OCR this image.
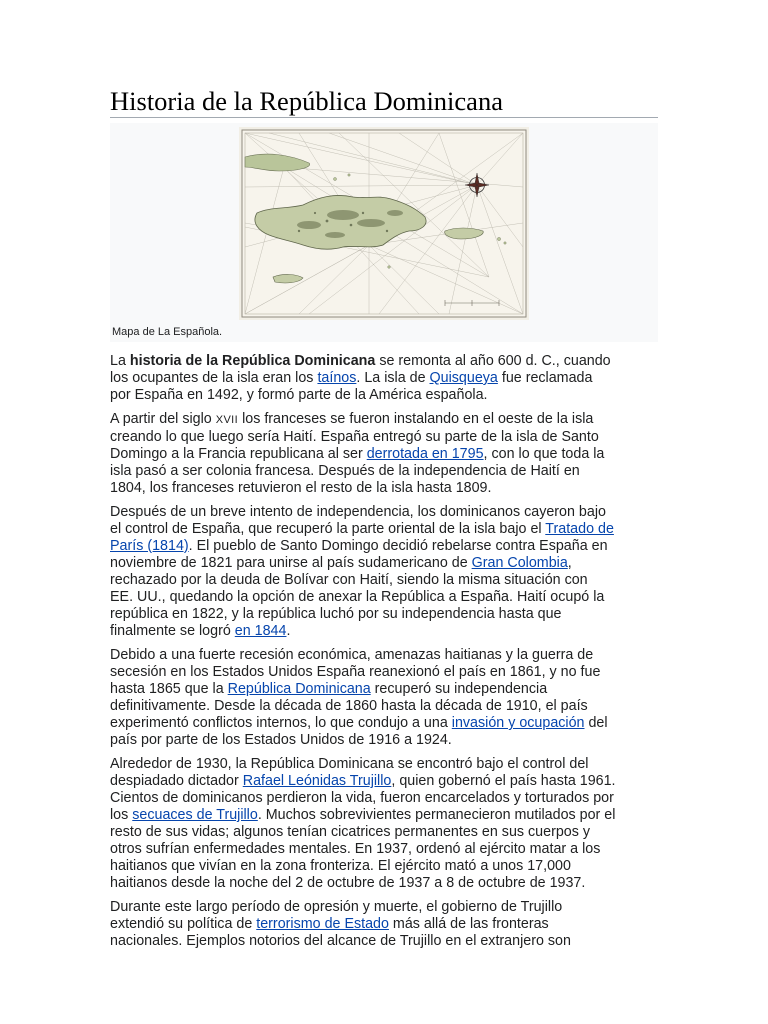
Historia de la República Dominicana
Mapa de La Española.

La historia de la República Dominicana se remonta al año 600 d. C., cuando
los ocupantes de la isla eran los taínos. La isla de Quisqueya fue reclamada
por España en 1492, y formó parte de la América española.

A partir del siglo XVII los franceses se fueron instalando en el oeste de la isla
creando lo que luego sería Haití. España entregó su parte de la isla de Santo
Domingo a la Francia republicana al ser derrotada en 1795, con lo que toda la
isla pasó a ser colonia francesa. Después de la independencia de Haití en
1804, los franceses retuvieron el resto de la isla hasta 1809.

Después de un breve intento de independencia, los dominicanos cayeron bajo
el control de España, que recuperó la parte oriental de la isla bajo el Tratado de
París (1814). El pueblo de Santo Domingo decidió rebelarse contra España en
noviembre de 1821 para unirse al país sudamericano de Gran Colombia,
rechazado por la deuda de Bolívar con Haití, siendo la misma situación con
EE. UU., quedando la opción de anexar la República a España. Haití ocupó la
república en 1822, y la república luchó por su independencia hasta que
finalmente se logró en 1844.

Debido a una fuerte recesión económica, amenazas haitianas y la guerra de
secesión en los Estados Unidos España reanexionó el país en 1861, y no fue
hasta 1865 que la República Dominicana recuperó su independencia
definitivamente. Desde la década de 1860 hasta la década de 1910, el país
experimentó conflictos internos, lo que condujo a una invasión y ocupación del
país por parte de los Estados Unidos de 1916 a 1924.

Alrededor de 1930, la República Dominicana se encontró bajo el control del
despiadado dictador Rafael Leónidas Trujillo, quien gobernó el país hasta 1961.
Cientos de dominicanos perdieron la vida, fueron encarcelados y torturados por
los secuaces de Trujillo. Muchos sobrevivientes permanecieron mutilados por el
resto de sus vidas; algunos tenían cicatrices permanentes en sus cuerpos y
otros sufrían enfermedades mentales. En 1937, ordenó al ejército matar a los
haitianos que vivían en la zona fronteriza. El ejército mató a unos 17,000
haitianos desde la noche del 2 de octubre de 1937 a 8 de octubre de 1937.

Durante este largo período de opresión y muerte, el gobierno de Trujillo
extendió su política de terrorismo de Estado más allá de las fronteras
nacionales. Ejemplos notorios del alcance de Trujillo en el extranjero son
